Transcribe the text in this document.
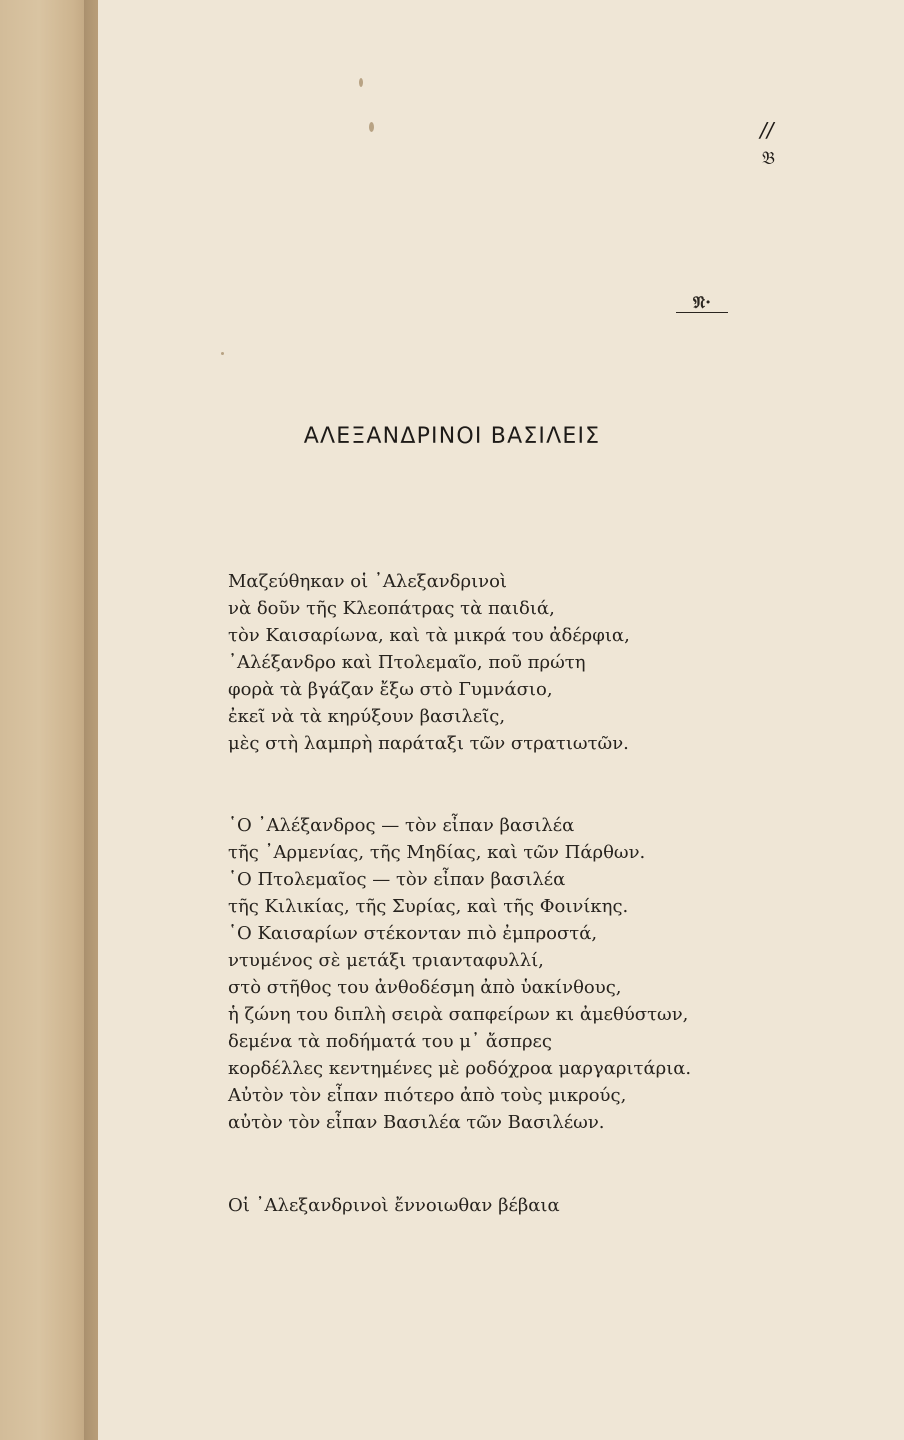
//
𝔅
𝔑·
ΑΛΕΞΑΝΔΡΙΝΟΙ ΒΑΣΙΛΕΙΣ
Μαζεύθηκαν οἱ ᾿Αλεξανδρινοὶ
νὰ δοῦν τῆς Κλεοπάτρας τὰ παιδιά,
τὸν Καισαρίωνα, καὶ τὰ μικρά του ἀδέρφια,
᾿Αλέξανδρο καὶ Πτολεμαῖο, ποῦ πρώτη
φορὰ τὰ βγάζαν ἔξω στὸ Γυμνάσιο,
ἐκεῖ νὰ τὰ κηρύξουν βασιλεῖς,
μὲς στὴ λαμπρὴ παράταξι τῶν στρατιωτῶν.
῾Ο ᾿Αλέξανδρος — τὸν εἶπαν βασιλέα
τῆς ᾿Αρμενίας, τῆς Μηδίας, καὶ τῶν Πάρθων.
῾Ο Πτολεμαῖος — τὸν εἶπαν βασιλέα
τῆς Κιλικίας, τῆς Συρίας, καὶ τῆς Φοινίκης.
῾Ο Καισαρίων στέκονταν πιὸ ἐμπροστά,
ντυμένος σὲ μετάξι τριανταφυλλί,
στὸ στῆθος του ἀνθοδέσμη ἀπὸ ὑακίνθους,
ἡ ζώνη του διπλὴ σειρὰ σαπφείρων κι ἀμεθύστων,
δεμένα τὰ ποδήματά του μ᾿ ἄσπρες
κορδέλλες κεντημένες μὲ ροδόχροα μαργαριτάρια.
Αὐτὸν τὸν εἶπαν πιότερο ἀπὸ τοὺς μικρούς,
αὐτὸν τὸν εἶπαν Βασιλέα τῶν Βασιλέων.
Οἱ ᾿Αλεξανδρινοὶ ἔννοιωθαν βέβαια
